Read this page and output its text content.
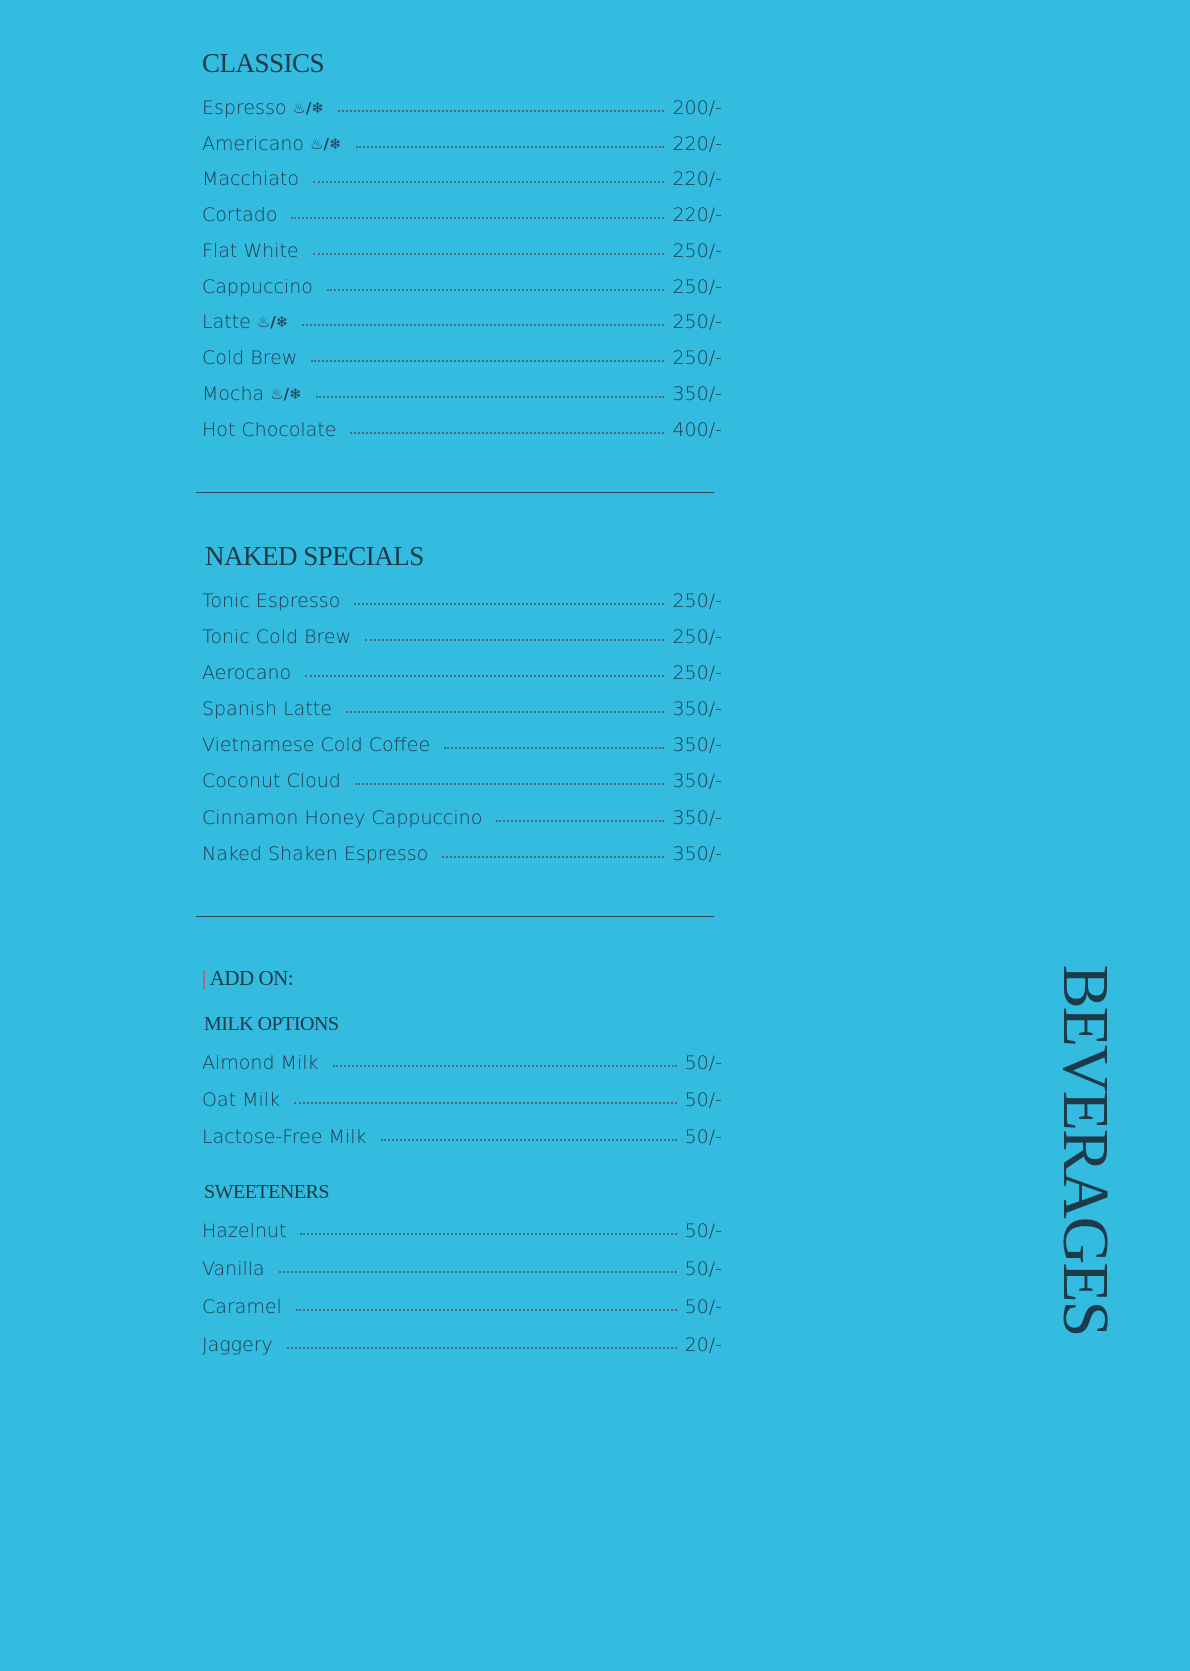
CLASSICS
Espresso ♨/❄	200/-
Americano ♨/❄	220/-
Macchiato	220/-
Cortado	220/-
Flat White	250/-
Cappuccino	250/-
Latte ♨/❄	250/-
Cold Brew	250/-
Mocha ♨/❄	350/-
Hot Chocolate	400/-
NAKED SPECIALS
Tonic Espresso	250/-
Tonic Cold Brew	250/-
Aerocano	250/-
Spanish Latte	350/-
Vietnamese Cold Coffee	350/-
Coconut Cloud	350/-
Cinnamon Honey Cappuccino	350/-
Naked Shaken Espresso	350/-
| ADD ON:
MILK OPTIONS
Almond Milk	50/-
Oat Milk	50/-
Lactose-Free Milk	50/-
SWEETENERS
Hazelnut	50/-
Vanilla	50/-
Caramel	50/-
Jaggery	20/-
BEVERAGES
